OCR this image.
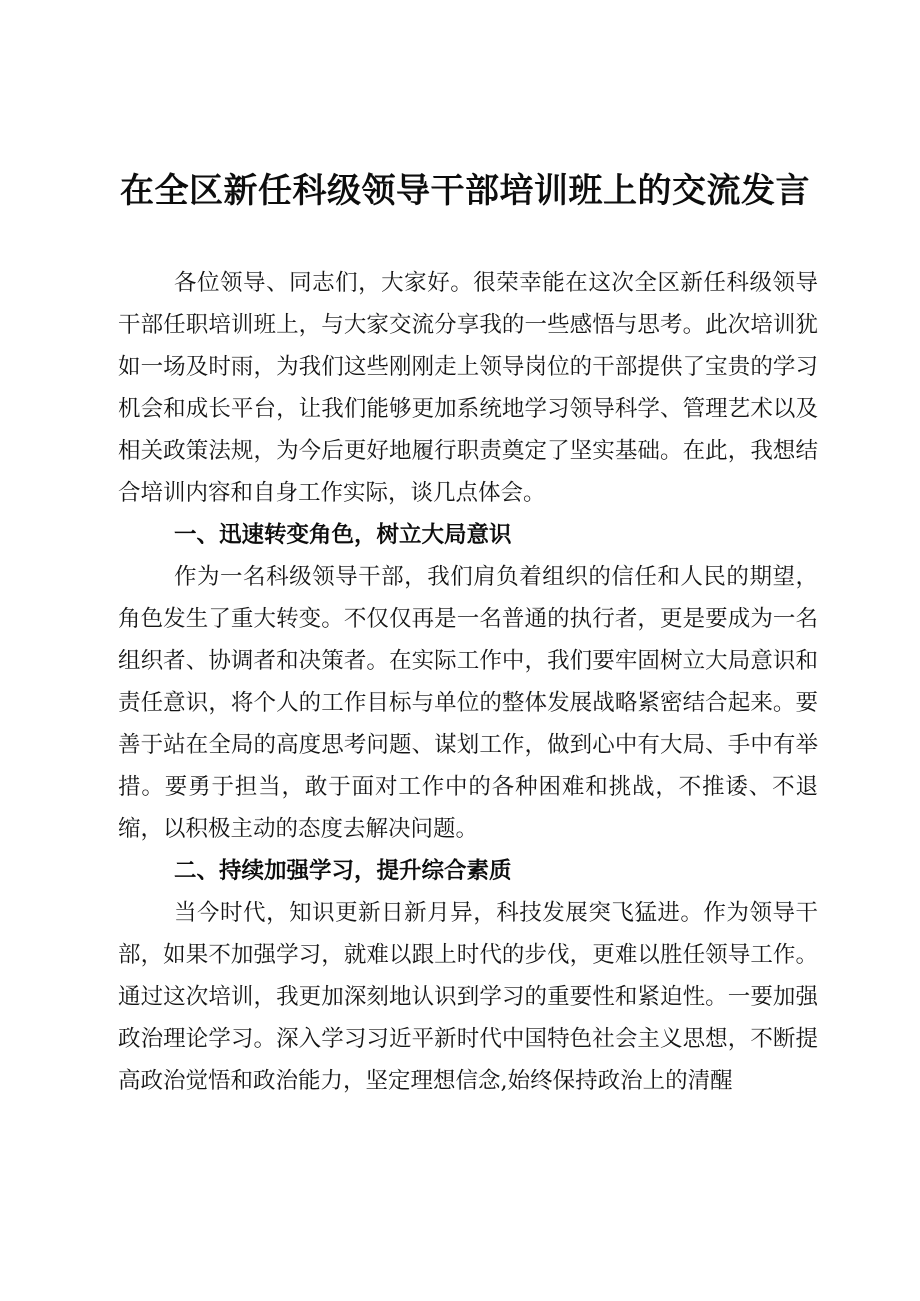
在全区新任科级领导干部培训班上的交流发言

各位领导、同志们，大家好。很荣幸能在这次全区新任科级领导干部任职培训班上，与大家交流分享我的一些感悟与思考。此次培训犹如一场及时雨，为我们这些刚刚走上领导岗位的干部提供了宝贵的学习机会和成长平台，让我们能够更加系统地学习领导科学、管理艺术以及相关政策法规，为今后更好地履行职责奠定了坚实基础。在此，我想结合培训内容和自身工作实际，谈几点体会。

一、迅速转变角色，树立大局意识

作为一名科级领导干部，我们肩负着组织的信任和人民的期望，角色发生了重大转变。不仅仅再是一名普通的执行者，更是要成为一名组织者、协调者和决策者。在实际工作中，我们要牢固树立大局意识和责任意识，将个人的工作目标与单位的整体发展战略紧密结合起来。要善于站在全局的高度思考问题、谋划工作，做到心中有大局、手中有举措。要勇于担当，敢于面对工作中的各种困难和挑战，不推诿、不退缩，以积极主动的态度去解决问题。

二、持续加强学习，提升综合素质

当今时代，知识更新日新月异，科技发展突飞猛进。作为领导干部，如果不加强学习，就难以跟上时代的步伐，更难以胜任领导工作。通过这次培训，我更加深刻地认识到学习的重要性和紧迫性。一要加强政治理论学习。深入学习习近平新时代中国特色社会主义思想，不断提高政治觉悟和政治能力，坚定理想信念,始终保持政治上的清醒
